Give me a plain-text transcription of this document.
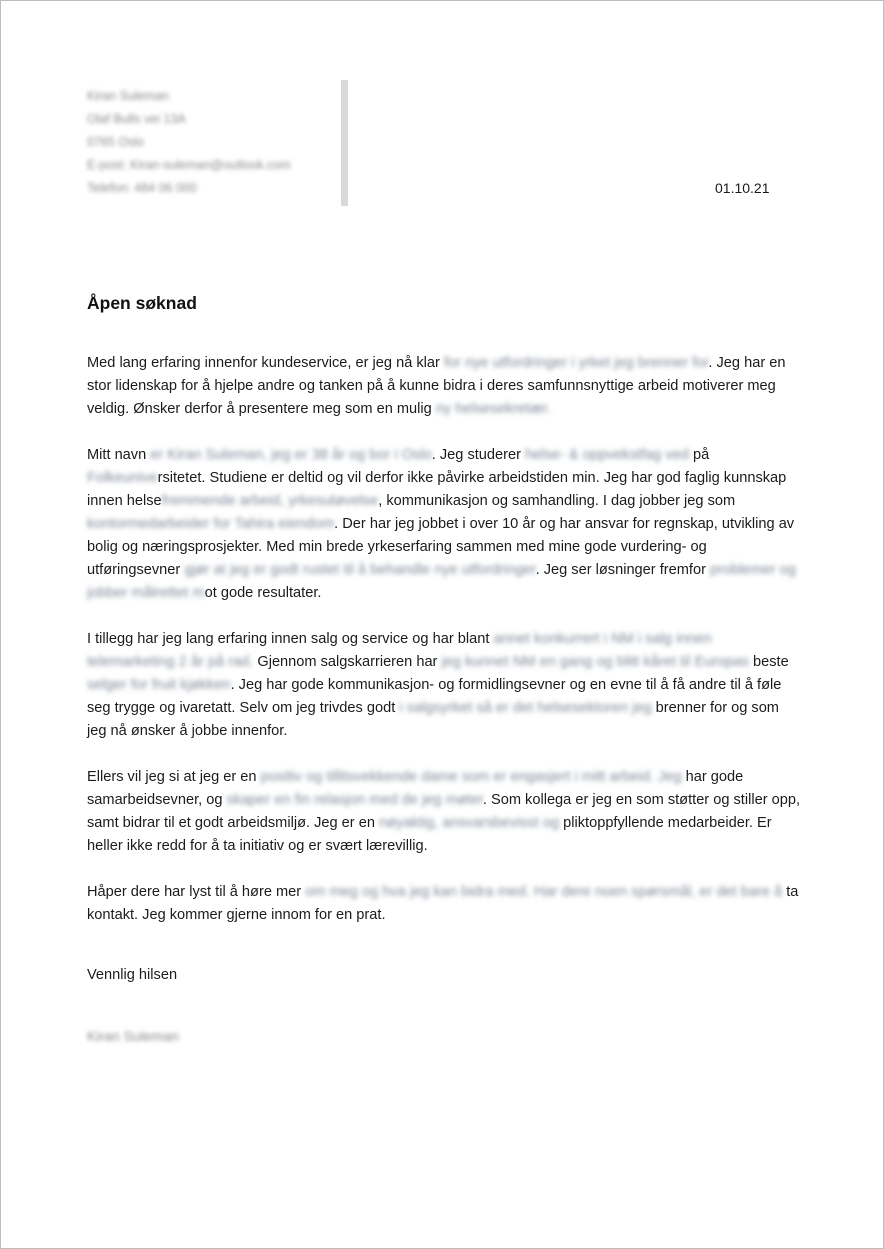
Kiran Suleman
Olaf Bulls vei 13A
0765 Oslo
E-post: Kiran-suleman@outlook.com
Telefon: 484 06 000	01.10.21
Åpen søknad

Med lang erfaring innenfor kundeservice, er jeg nå klar for nye utfordringer i yrket jeg brenner for. Jeg har en stor lidenskap for å hjelpe andre og tanken på å kunne bidra i deres samfunnsnyttige arbeid motiverer meg veldig. Ønsker derfor å presentere meg som en mulig ny helsesekretær.

Mitt navn er Kiran Suleman, jeg er 38 år og bor i Oslo. Jeg studerer helse- & oppvekstfag ved på Folkeuniversitetet. Studiene er deltid og vil derfor ikke påvirke arbeidstiden min. Jeg har god faglig kunnskap innen helsefremmende arbeid, yrkesutøvelse, kommunikasjon og samhandling. I dag jobber jeg som kontormedarbeider for Tahira eiendom. Der har jeg jobbet i over 10 år og har ansvar for regnskap, utvikling av bolig og næringsprosjekter. Med min brede yrkeserfaring sammen med mine gode vurdering- og utføringsevner gjør at jeg er godt rustet til å behandle nye utfordringer. Jeg ser løsninger fremfor problemer og jobber målrettet mot gode resultater.

I tillegg har jeg lang erfaring innen salg og service og har blant annet konkurrert i NM i salg innen telemarketing 2 år på rad. Gjennom salgskarrieren har jeg kunnet NM en gang og blitt kåret til Europas beste selger for fruit kjøkken. Jeg har gode kommunikasjon- og formidlingsevner og en evne til å få andre til å føle seg trygge og ivaretatt. Selv om jeg trivdes godt i salgsyrket så er det helsesektoren jeg brenner for og som jeg nå ønsker å jobbe innenfor.

Ellers vil jeg si at jeg er en positiv og tillitsvekkende dame som er engasjert i mitt arbeid. Jeg har gode samarbeidsevner, og skaper en fin relasjon med de jeg møter. Som kollega er jeg en som støtter og stiller opp, samt bidrar til et godt arbeidsmiljø. Jeg er en nøyaktig, ansvarsbevisst og pliktoppfyllende medarbeider. Er heller ikke redd for å ta initiativ og er svært lærevillig.

Håper dere har lyst til å høre mer om meg og hva jeg kan bidra med. Har dere noen spørsmål, er det bare å ta kontakt. Jeg kommer gjerne innom for en prat.

Vennlig hilsen
Kiran Suleman
